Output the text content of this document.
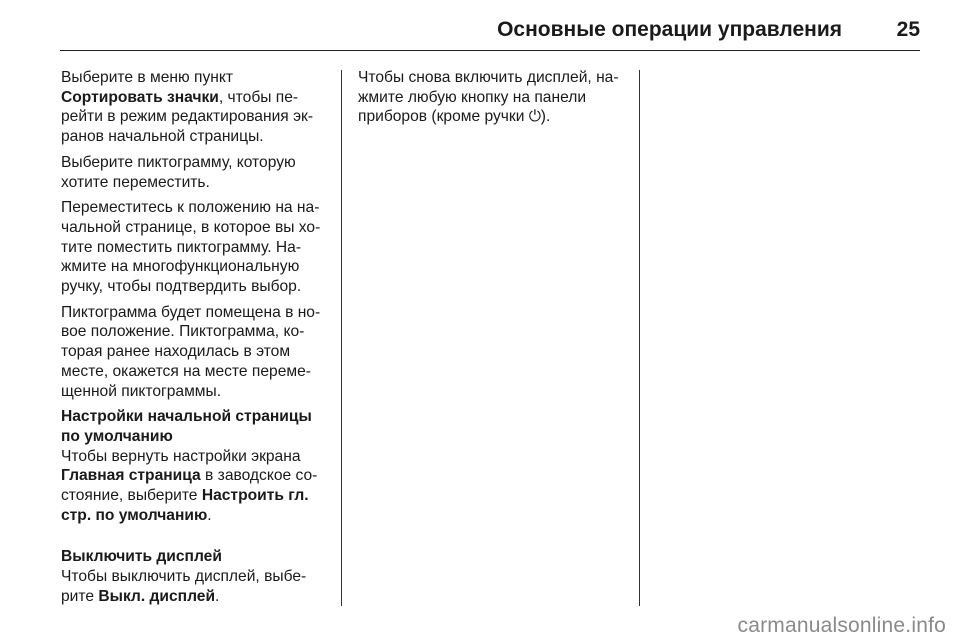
Основные операции управления	25

Выберите в меню пункт
Сортировать значки, чтобы пе-рейти в режим редактирования эк-ранов начальной страницы.

Выберите пиктограмму, которую хотите переместить.

Переместитесь к положению на на-чальной странице, в которое вы хо-тите поместить пиктограмму. На-жмите на многофункциональную ручку, чтобы подтвердить выбор.

Пиктограмма будет помещена в но-вое положение. Пиктограмма, ко-торая ранее находилась в этом месте, окажется на месте переме-щенной пиктограммы.

Настройки начальной страницы по умолчанию
Чтобы вернуть настройки экрана
Главная страница в заводское со-стояние, выберите Настроить гл. стр. по умолчанию.

Выключить дисплей
Чтобы выключить дисплей, выбе-рите Выкл. дисплей.

Чтобы снова включить дисплей, на-жмите любую кнопку на панели приборов (кроме ручки ⏻).

carmanualsonline.info
